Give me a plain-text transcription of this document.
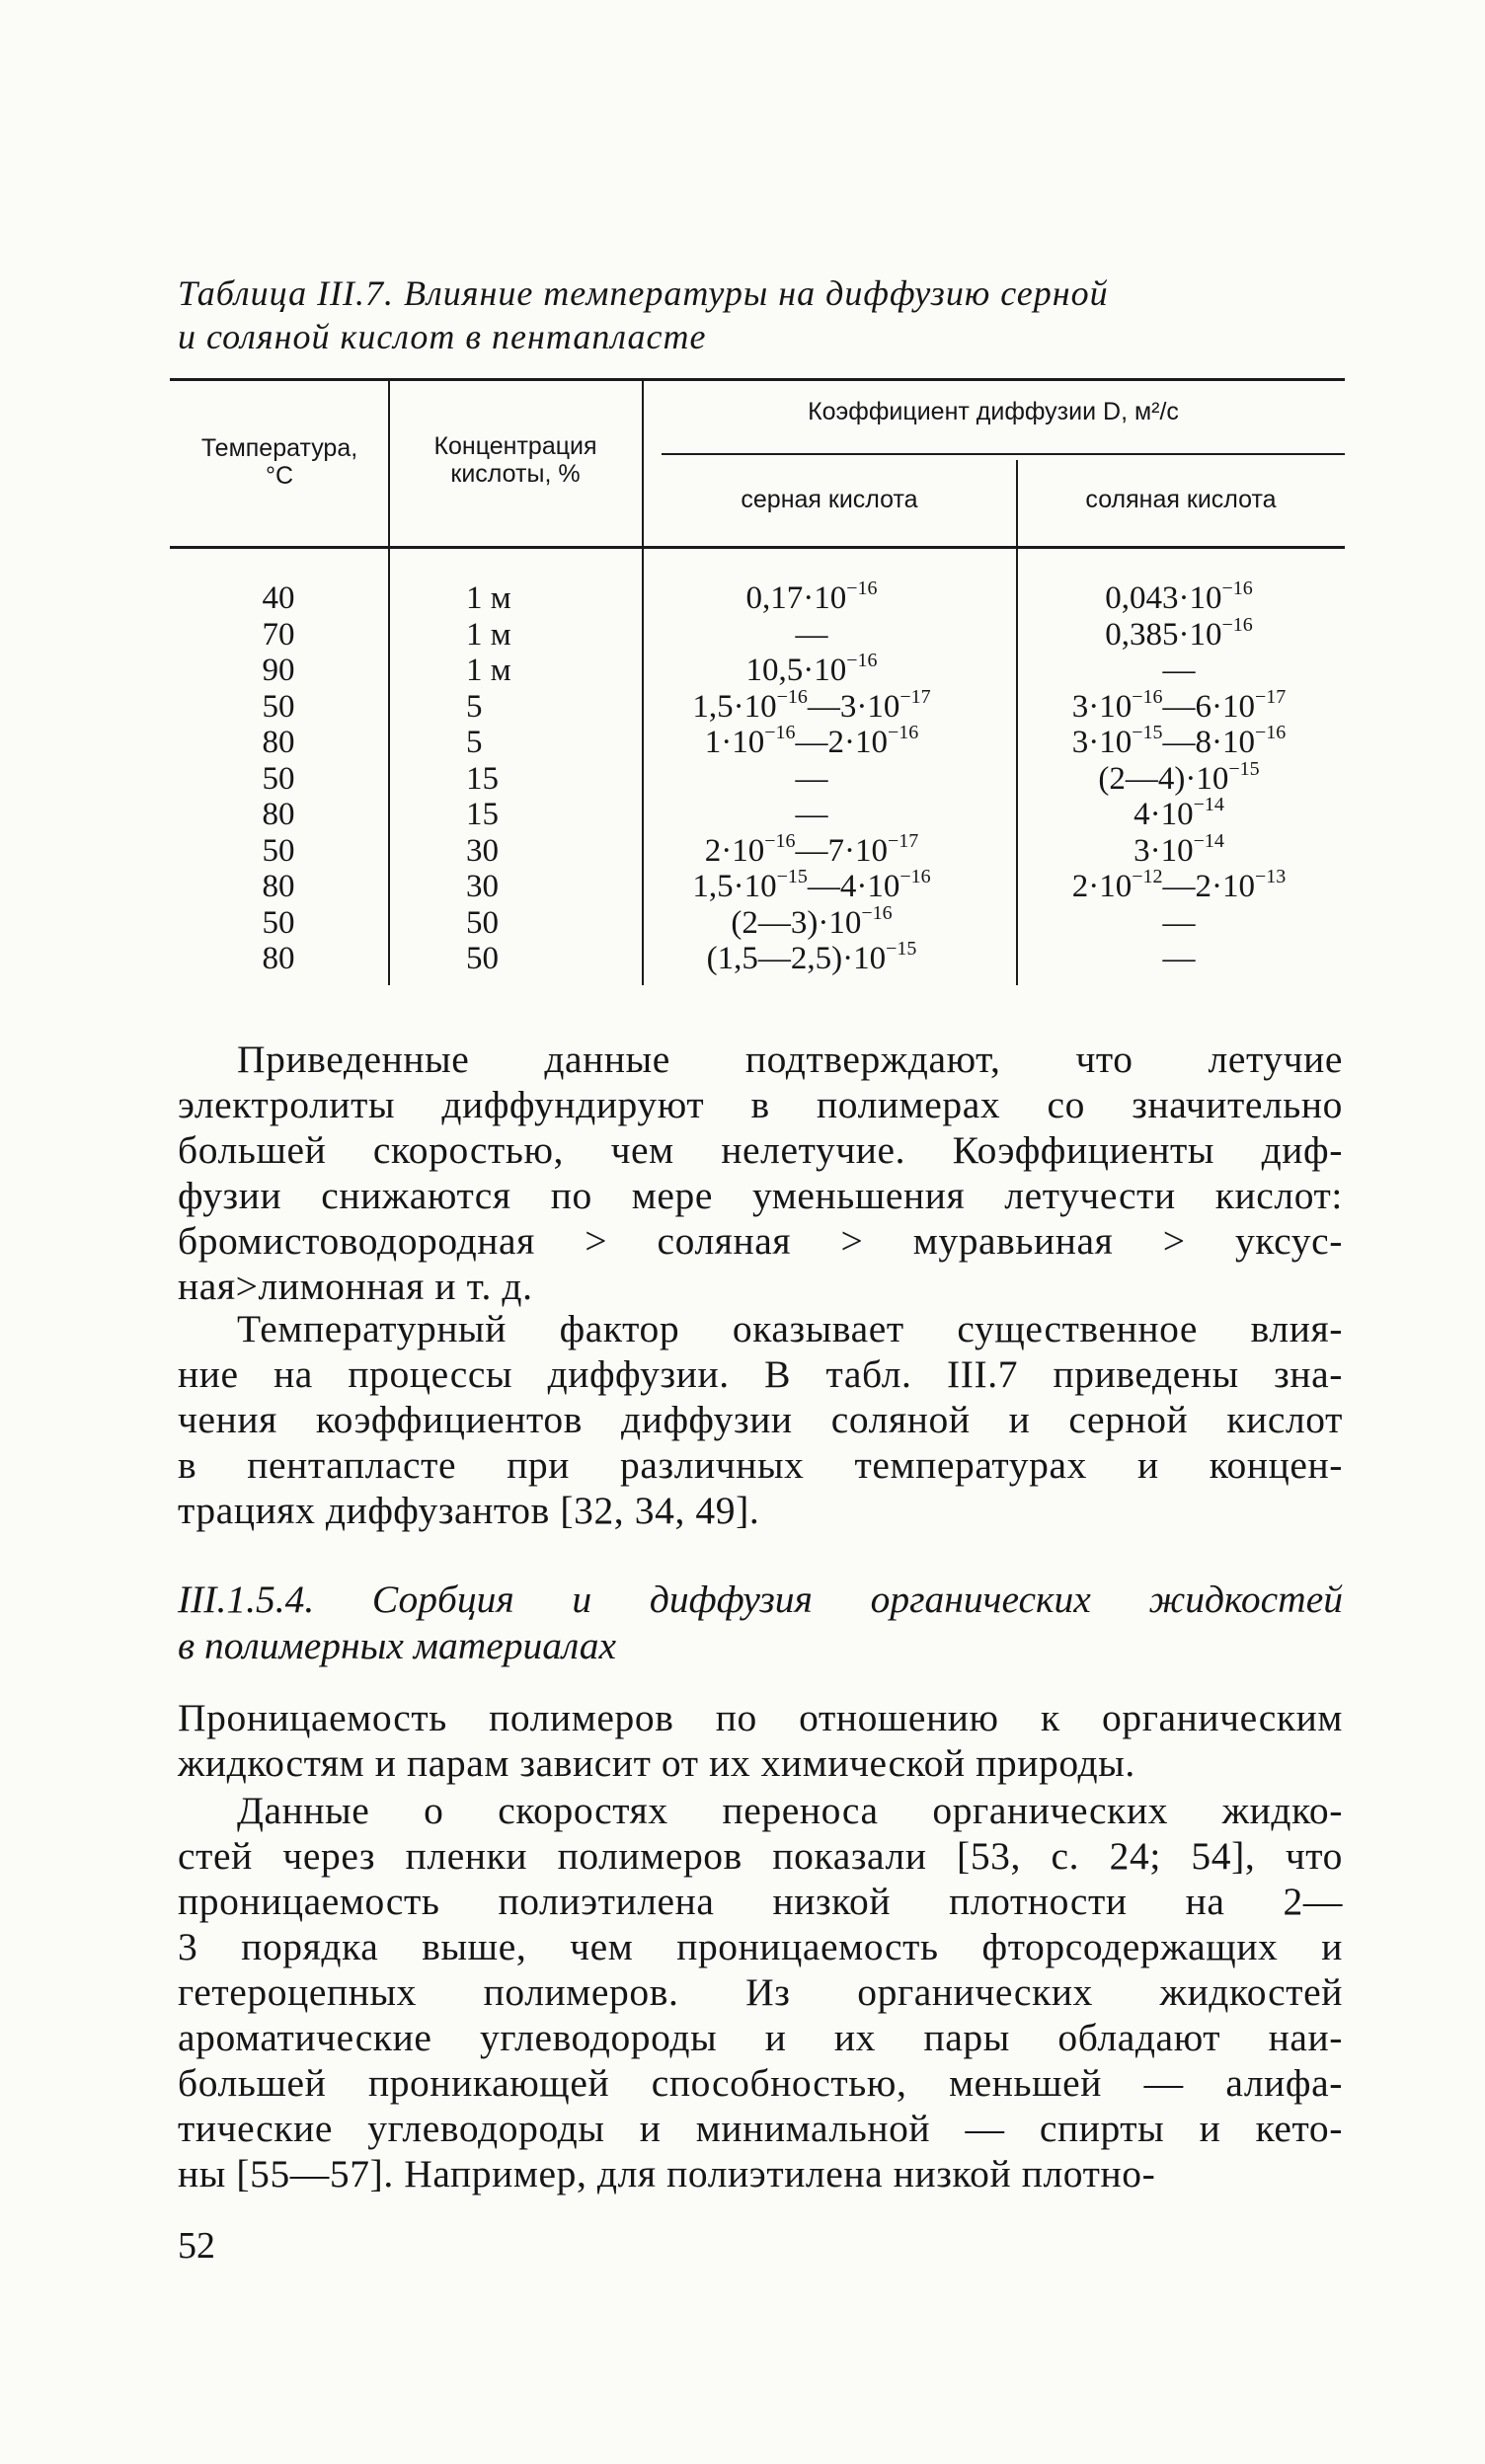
Таблица III.7. Влияние температуры на диффузию серной
и соляной кислот в пентапласте
Температура,
°С
Концентрация
кислоты, %
Коэффициент диффузии D, м²/с
серная кислота	соляная кислота
40
70
90
50
80
50
80
50
80
50
80
1 м
1 м
1 м
5
5
15
15
30
30
50
50
$0,17\cdot 10^{-16}$
—
$10,5\cdot 10^{-16}$
$1,5\cdot 10^{-16}—3\cdot 10^{-17}$
$1\cdot 10^{-16}—2\cdot 10^{-16}$
—
—
$2\cdot 10^{-16}—7\cdot 10^{-17}$
$1,5\cdot 10^{-15}—4\cdot 10^{-16}$
$(2—3)\cdot 10^{-16}$
$(1,5—2,5)\cdot 10^{-15}$
$0,043\cdot 10^{-16}$
$0,385\cdot 10^{-16}$
—
$3\cdot 10^{-16}—6\cdot 10^{-17}$
$3\cdot 10^{-15}—8\cdot 10^{-16}$
$(2—4)\cdot 10^{-15}$
$4\cdot 10^{-14}$
$3\cdot 10^{-14}$
$2\cdot 10^{-12}—2\cdot 10^{-13}$
—
—
Приведенные данные подтверждают, что летучие
электролиты диффундируют в полимерах со значительно
большей скоростью, чем нелетучие. Коэффициенты диф-
фузии снижаются по мере уменьшения летучести кислот:
бромистоводородная > соляная > муравьиная > уксус-
ная>лимонная и т. д.
Температурный фактор оказывает существенное влия-
ние на процессы диффузии. В табл. III.7 приведены зна-
чения коэффициентов диффузии соляной и серной кислот
в пентапласте при различных температурах и концен-
трациях диффузантов [32, 34, 49].
III.1.5.4. Сорбция и диффузия органических жидкостей
в полимерных материалах
Проницаемость полимеров по отношению к органическим
жидкостям и парам зависит от их химической природы.
Данные о скоростях переноса органических жидко-
стей через пленки полимеров показали [53, с. 24; 54], что
проницаемость полиэтилена низкой плотности на 2—
3 порядка выше, чем проницаемость фторсодержащих и
гетероцепных полимеров. Из органических жидкостей
ароматические углеводороды и их пары обладают наи-
большей проникающей способностью, меньшей — алифа-
тические углеводороды и минимальной — спирты и кето-
ны [55—57]. Например, для полиэтилена низкой плотно-
52
